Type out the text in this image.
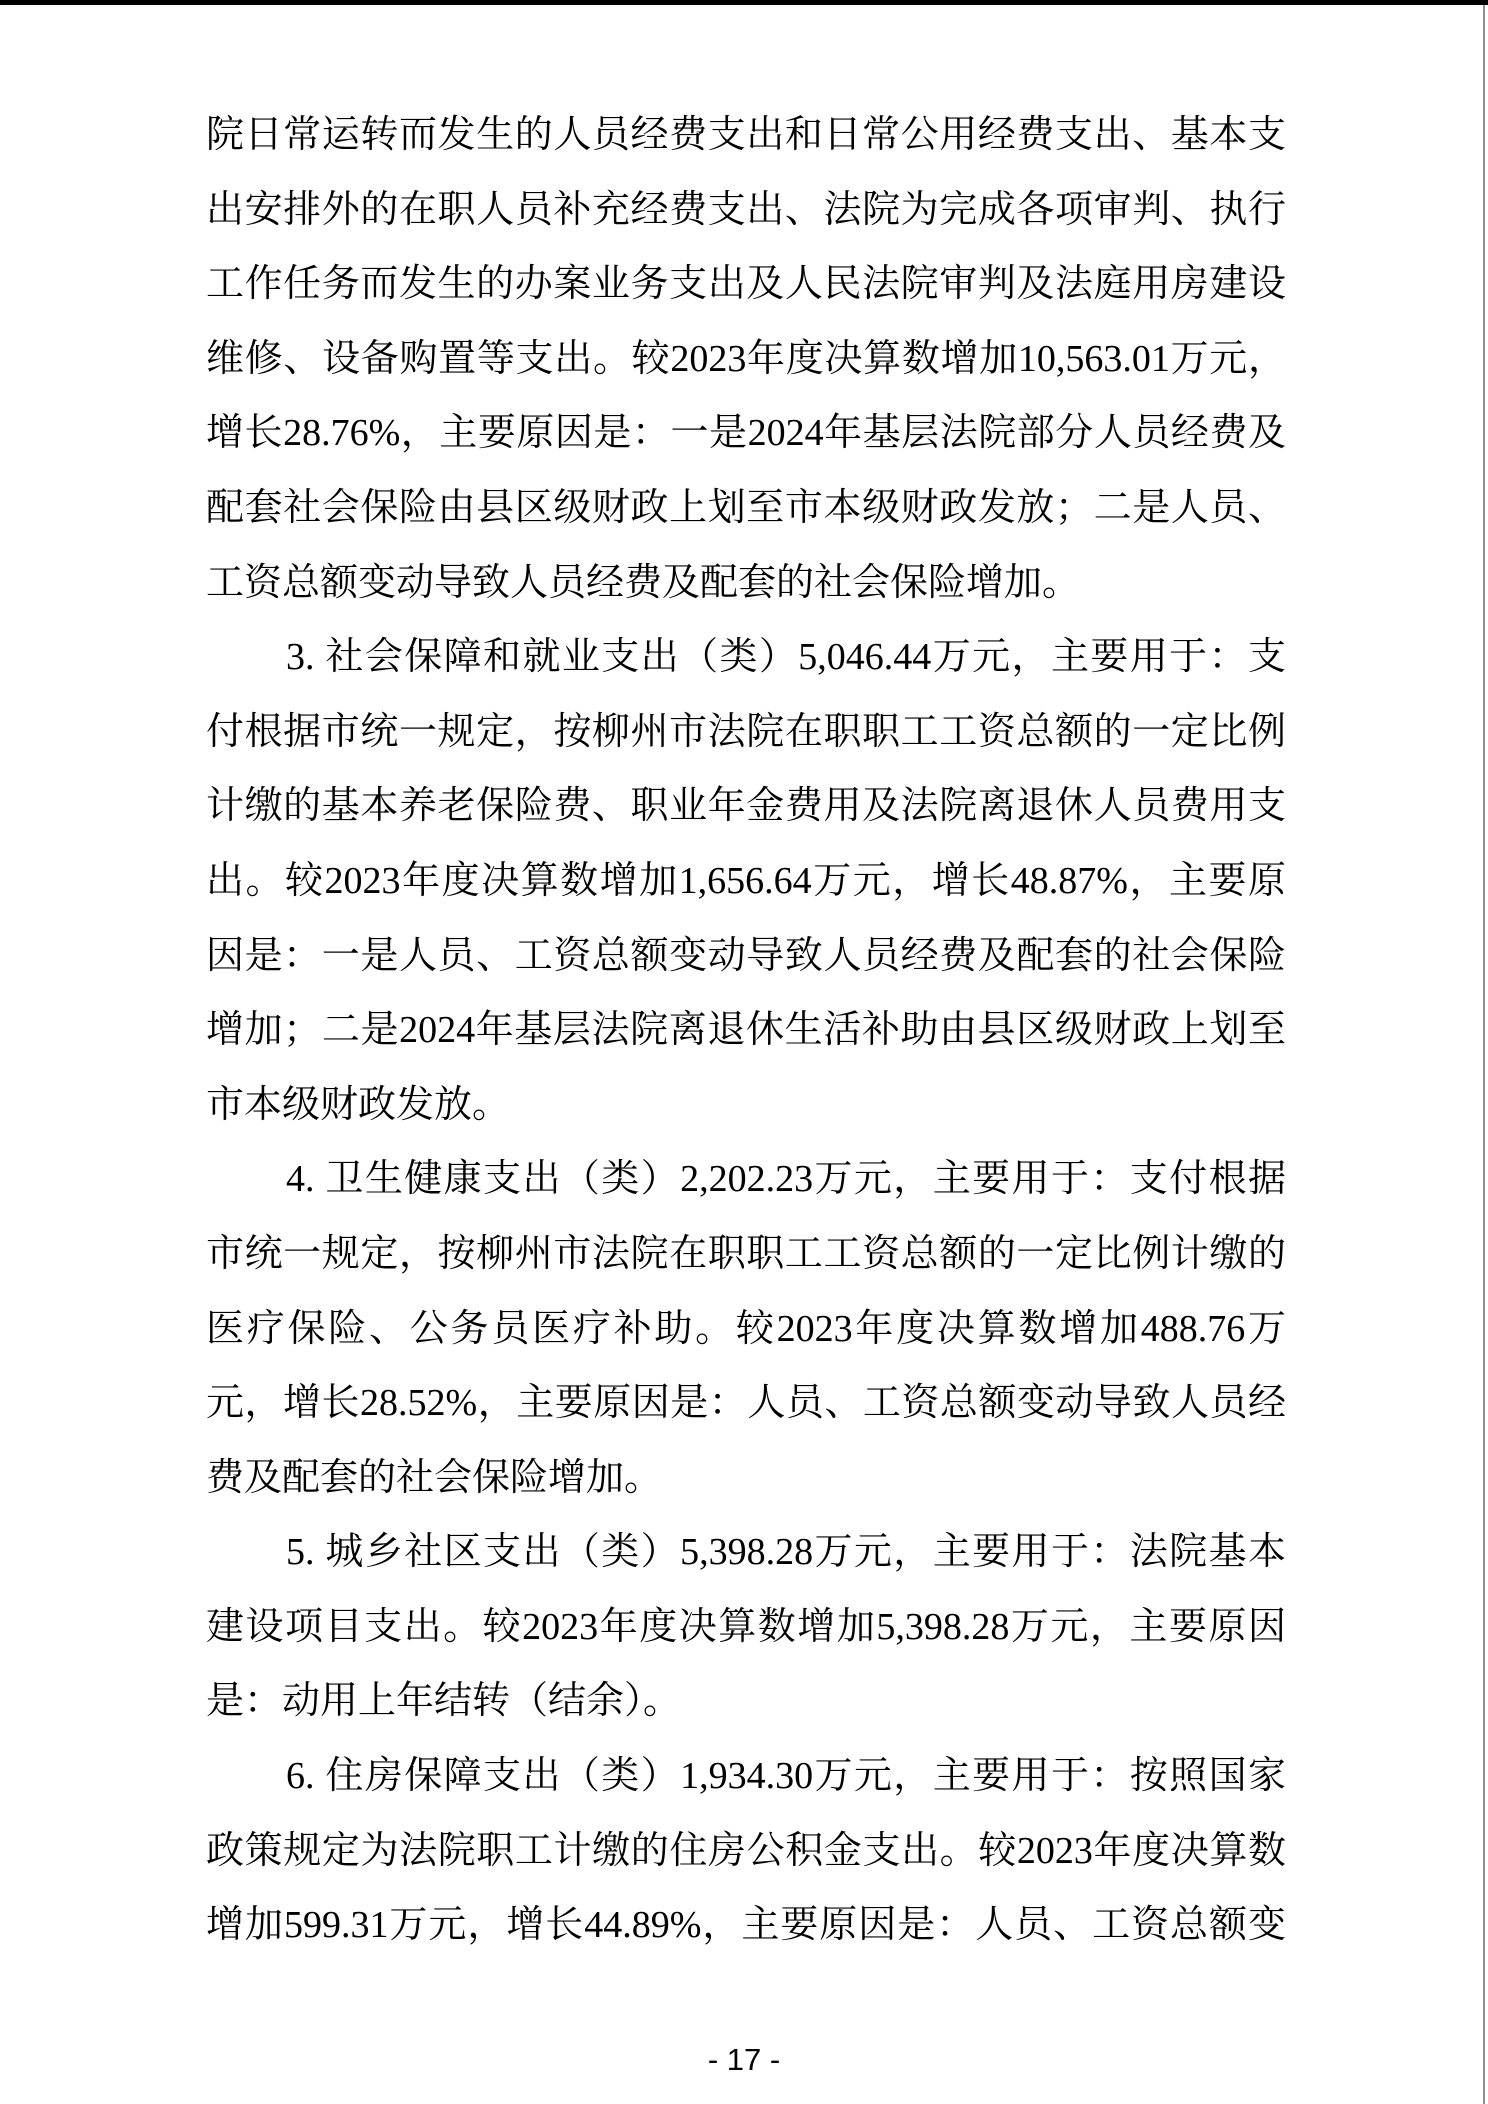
院日常运转而发生的人员经费支出和日常公用经费支出、基本支
出安排外的在职人员补充经费支出、法院为完成各项审判、执行
工作任务而发生的办案业务支出及人民法院审判及法庭用房建设
维修、设备购置等支出。较2023年度决算数增加10,563.01万元，
增长28.76%，主要原因是：一是2024年基层法院部分人员经费及
配套社会保险由县区级财政上划至市本级财政发放；二是人员、
工资总额变动导致人员经费及配套的社会保险增加。
3. 社会保障和就业支出（类）5,046.44万元，主要用于：支
付根据市统一规定，按柳州市法院在职职工工资总额的一定比例
计缴的基本养老保险费、职业年金费用及法院离退休人员费用支
出。较2023年度决算数增加1,656.64万元，增长48.87%，主要原
因是：一是人员、工资总额变动导致人员经费及配套的社会保险
增加；二是2024年基层法院离退休生活补助由县区级财政上划至
市本级财政发放。
4. 卫生健康支出（类）2,202.23万元，主要用于：支付根据
市统一规定，按柳州市法院在职职工工资总额的一定比例计缴的
医疗保险、公务员医疗补助。较2023年度决算数增加488.76万
元，增长28.52%，主要原因是：人员、工资总额变动导致人员经
费及配套的社会保险增加。
5. 城乡社区支出（类）5,398.28万元，主要用于：法院基本
建设项目支出。较2023年度决算数增加5,398.28万元，主要原因
是：动用上年结转（结余）。
6. 住房保障支出（类）1,934.30万元，主要用于：按照国家
政策规定为法院职工计缴的住房公积金支出。较2023年度决算数
增加599.31万元，增长44.89%，主要原因是：人员、工资总额变
- 17 -
